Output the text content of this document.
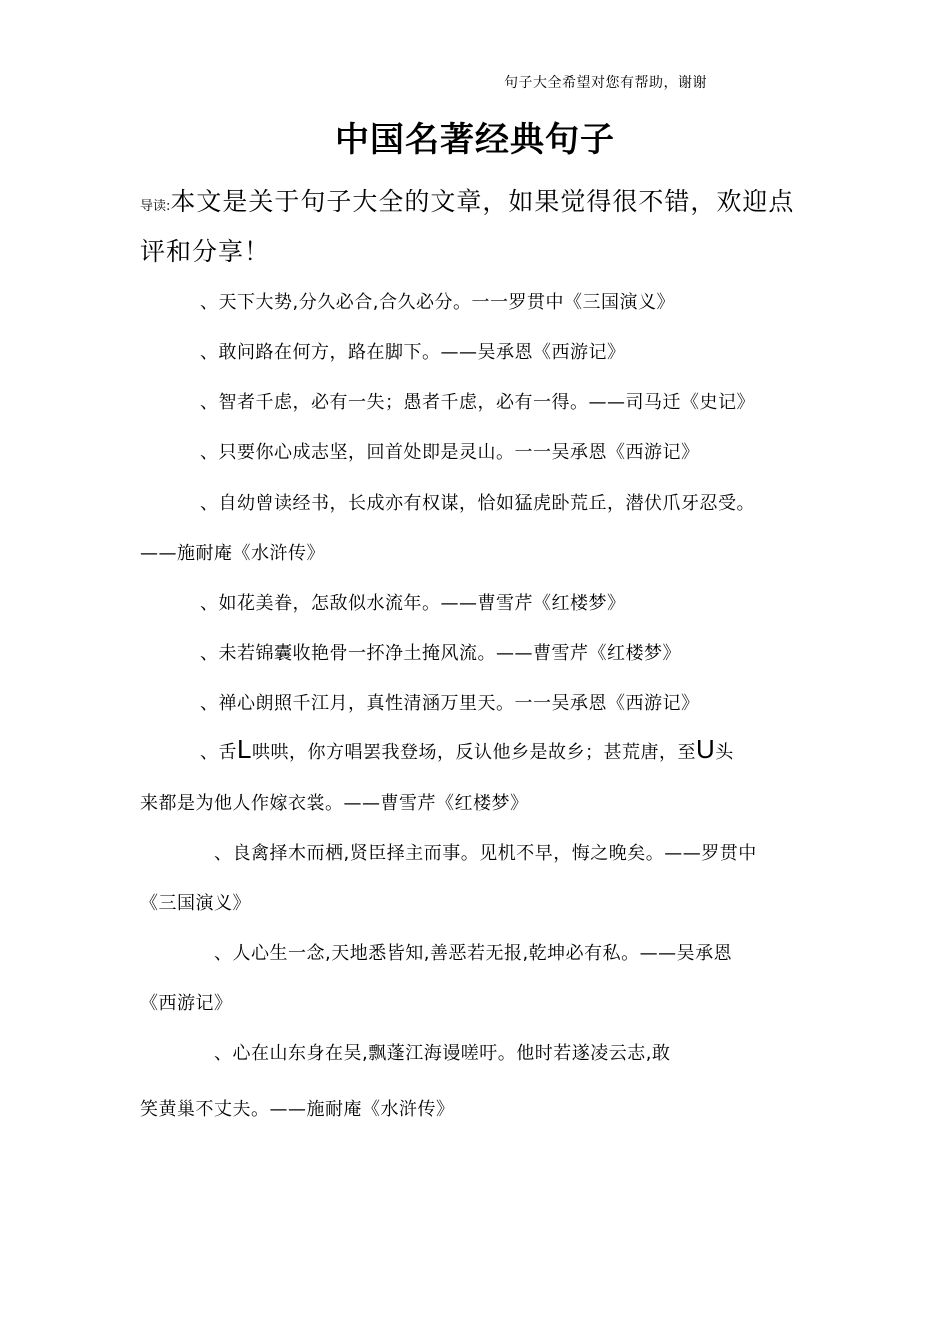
句子大全希望对您有帮助，谢谢
中国名著经典句子
导读:本文是关于句子大全的文章，如果觉得很不错，欢迎点
评和分享！
、天下大势,分久必合,合久必分。一一罗贯中《三国演义》
、敢问路在何方，路在脚下。——吴承恩《西游记》
、智者千虑，必有一失；愚者千虑，必有一得。——司马迁《史记》
、只要你心成志坚，回首处即是灵山。一一吴承恩《西游记》
、自幼曾读经书，长成亦有权谋，恰如猛虎卧荒丘，潜伏爪牙忍受。
——施耐庵《水浒传》
、如花美眷，怎敌似水流年。——曹雪芹《红楼梦》
、未若锦囊收艳骨一抔净土掩风流。——曹雪芹《红楼梦》
、禅心朗照千江月，真性清涵万里天。一一吴承恩《西游记》
、舌L哄哄，你方唱罢我登场，反认他乡是故乡；甚荒唐，至U头
来都是为他人作嫁衣裳。——曹雪芹《红楼梦》
、良禽择木而栖,贤臣择主而事。见机不早，悔之晚矣。——罗贯中
《三国演义》
、人心生一念,天地悉皆知,善恶若无报,乾坤必有私。——吴承恩
《西游记》
、心在山东身在吴,飘蓬江海谩嗟吁。他时若遂凌云志,敢
笑黄巢不丈夫。——施耐庵《水浒传》
